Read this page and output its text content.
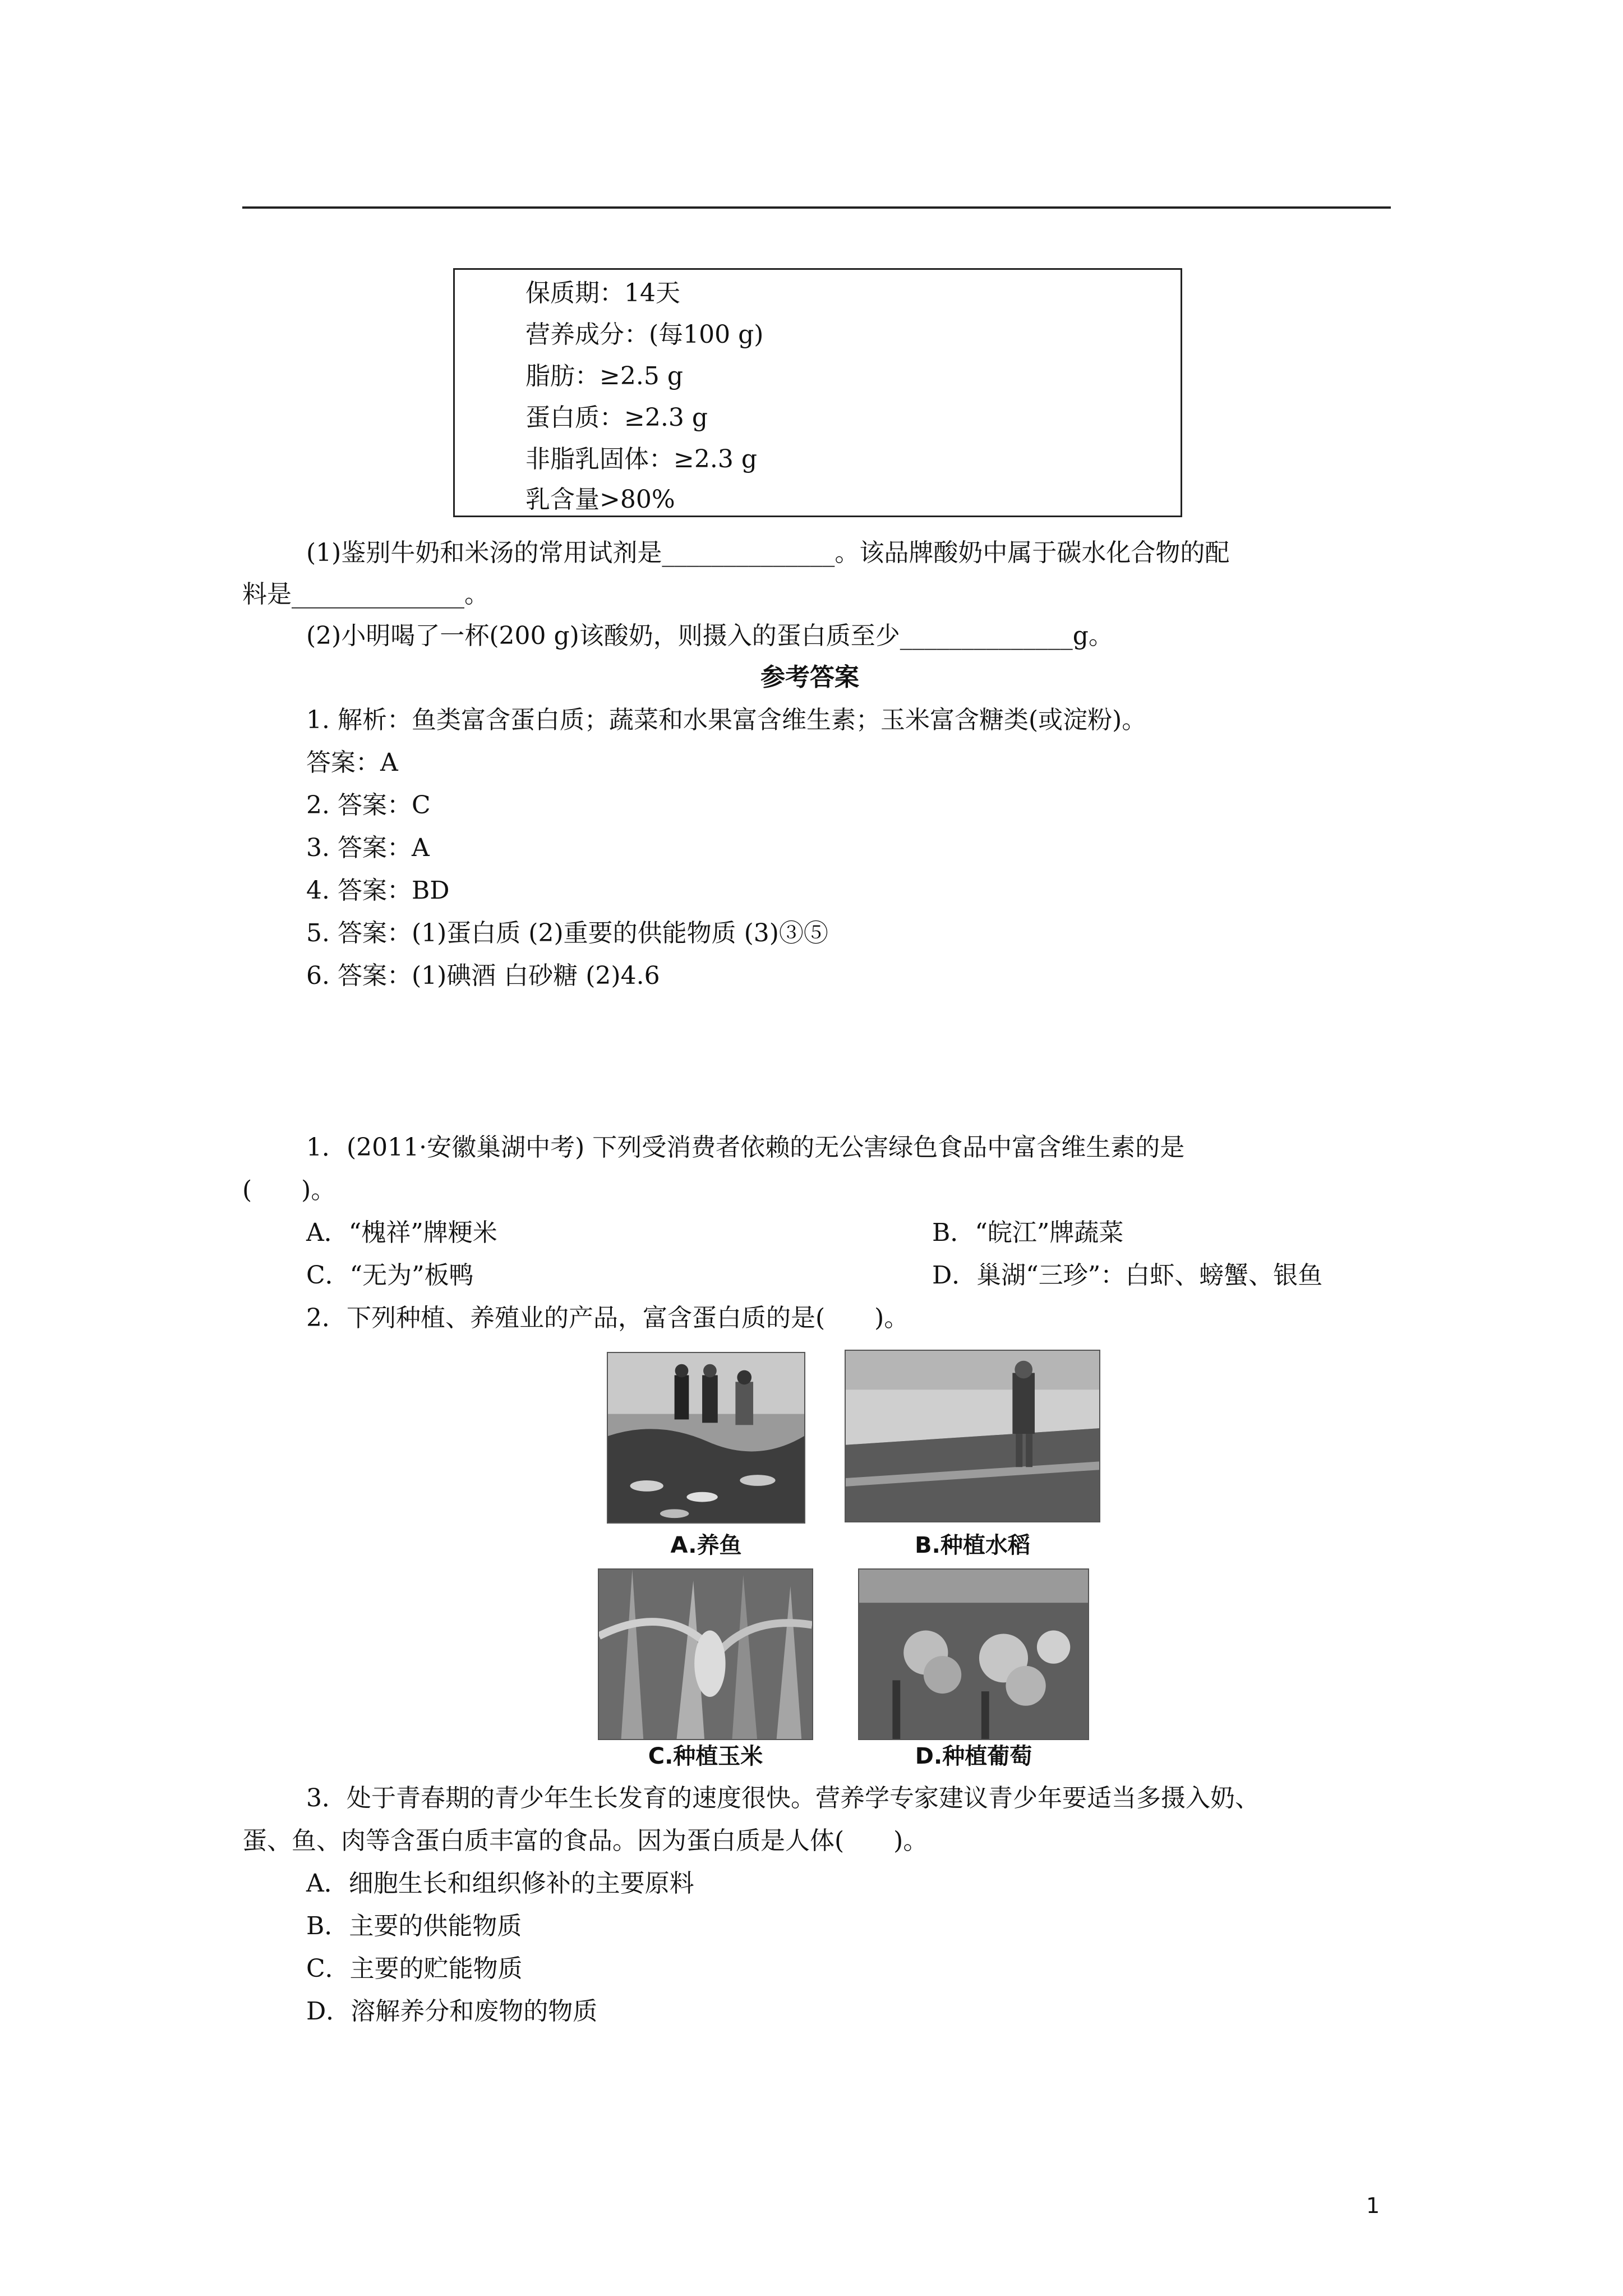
保质期：14天
营养成分：(每100 g)
脂肪：≥2.5 g
蛋白质：≥2.3 g
非脂乳固体：≥2.3 g
乳含量>80%
(1)鉴别牛奶和米汤的常用试剂是______________。该品牌酸奶中属于碳水化合物的配
料是______________。
(2)小明喝了一杯(200 g)该酸奶，则摄入的蛋白质至少______________g。
参考答案
1. 解析：鱼类富含蛋白质；蔬菜和水果富含维生素；玉米富含糖类(或淀粉)。
答案：A
2. 答案：C
3. 答案：A
4. 答案：BD
5. 答案：(1)蛋白质 (2)重要的供能物质 (3)③⑤
6. 答案：(1)碘酒 白砂糖 (2)4.6
1．(2011·安徽巢湖中考) 下列受消费者依赖的无公害绿色食品中富含维生素的是
(　　)。
A．“槐祥”牌粳米	B．“皖江”牌蔬菜
C．“无为”板鸭	D．巢湖“三珍”：白虾、螃蟹、银鱼
2．下列种植、养殖业的产品，富含蛋白质的是(　　)。
A.养鱼	B.种植水稻
C.种植玉米	D.种植葡萄
3．处于青春期的青少年生长发育的速度很快。营养学专家建议青少年要适当多摄入奶、
蛋、鱼、肉等含蛋白质丰富的食品。因为蛋白质是人体(　　)。
A．细胞生长和组织修补的主要原料
B．主要的供能物质
C．主要的贮能物质
D．溶解养分和废物的物质
1
